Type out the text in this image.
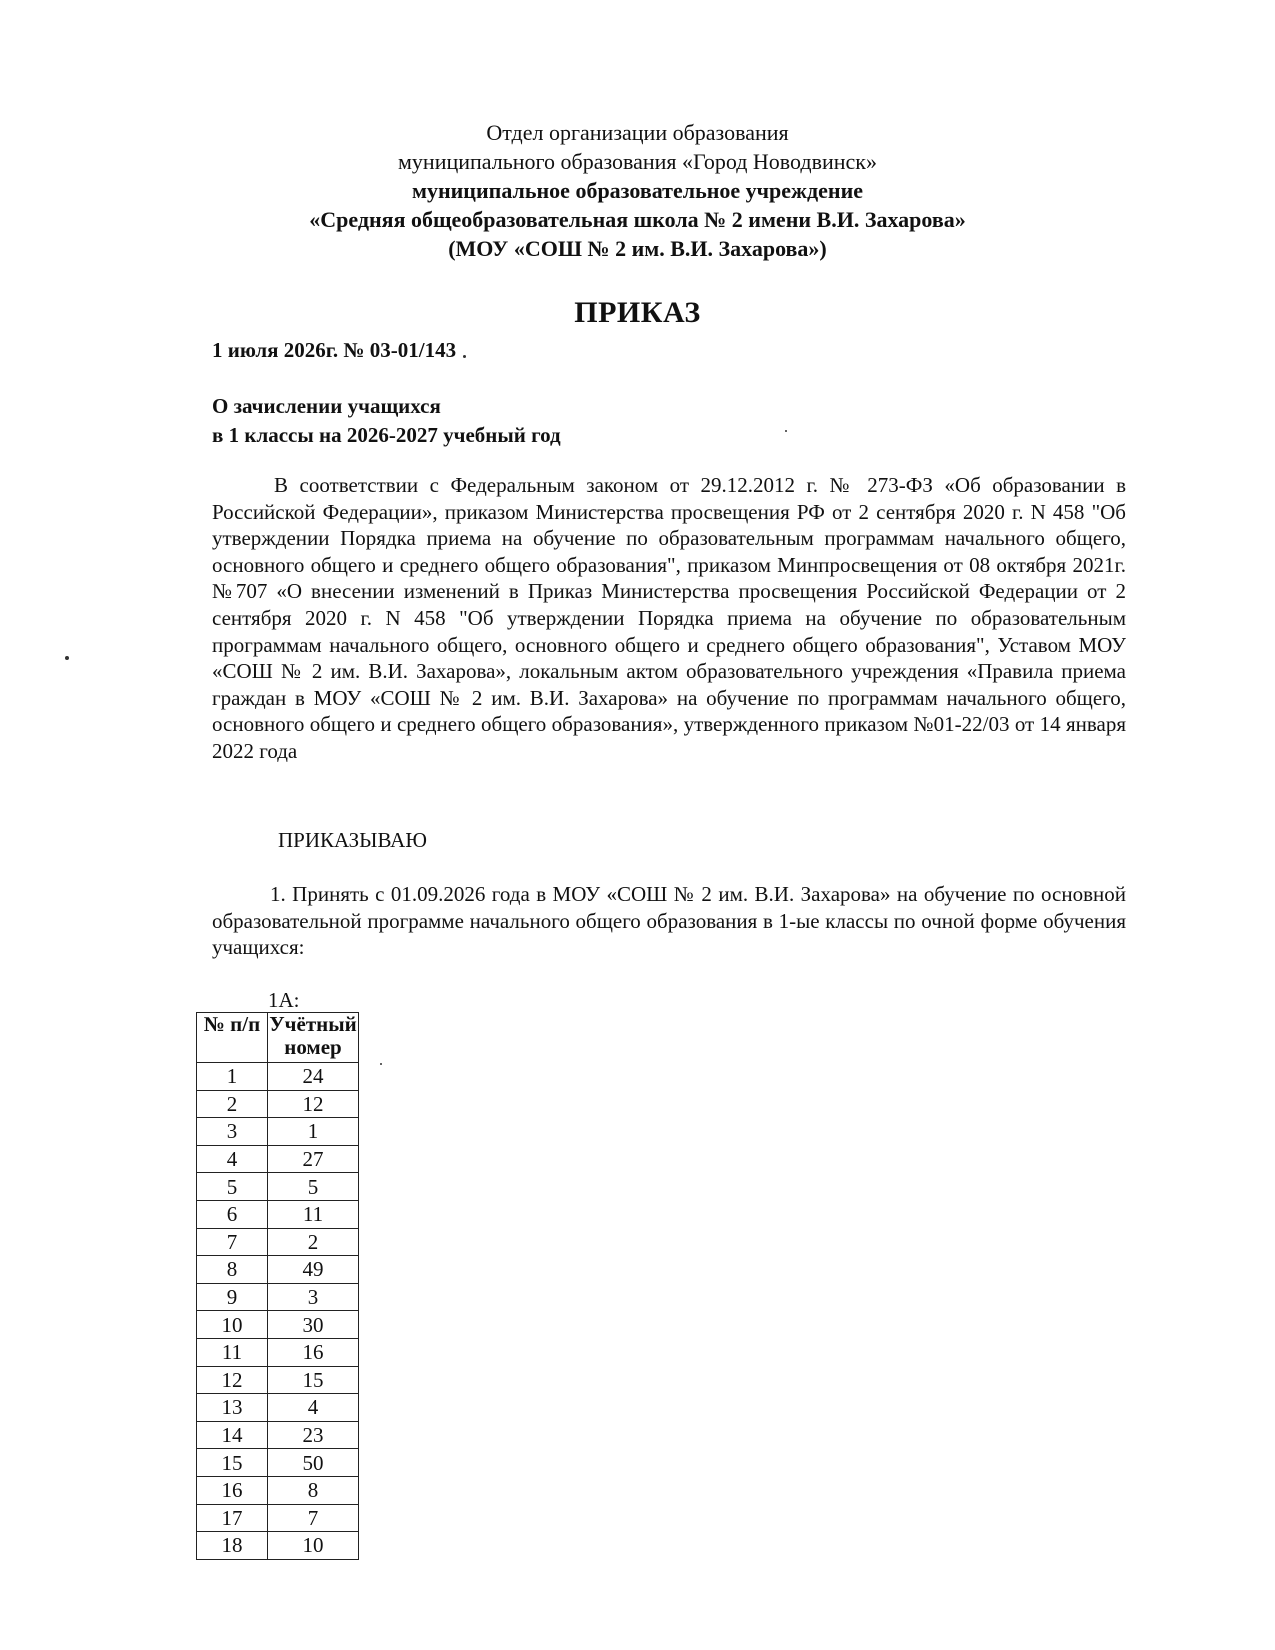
Отдел организации образования
муниципального образования «Город Новодвинск»
муниципальное образовательное учреждение
«Средняя общеобразовательная школа № 2 имени В.И. Захарова»
(МОУ «СОШ № 2 им. В.И. Захарова»)
ПРИКАЗ
1 июля 2026г. № 03-01/143
О зачислении учащихся
в 1 классы на 2026-2027 учебный год
В соответствии с Федеральным законом от 29.12.2012 г. № 273-ФЗ «Об образовании в Российской Федерации», приказом Министерства просвещения РФ от 2 сентября 2020 г. N 458 "Об утверждении Порядка приема на обучение по образовательным программам начального общего, основного общего и среднего общего образования", приказом Минпросвещения от 08 октября 2021г. №707 «О внесении изменений в Приказ Министерства просвещения Российской Федерации от 2 сентября 2020 г. N 458 "Об утверждении Порядка приема на обучение по образовательным программам начального общего, основного общего и среднего общего образования", Уставом МОУ «СОШ № 2 им. В.И. Захарова», локальным актом образовательного учреждения «Правила приема граждан в МОУ «СОШ № 2 им. В.И. Захарова» на обучение по программам начального общего, основного общего и среднего общего образования», утвержденного приказом №01-22/03 от 14 января 2022 года
ПРИКАЗЫВАЮ
1. Принять с 01.09.2026 года в МОУ «СОШ № 2 им. В.И. Захарова» на обучение по основной образовательной программе начального общего образования в 1-ые классы по очной форме обучения учащихся:
1А:
№ п/п	Учётный номер
1	24
2	12
3	1
4	27
5	5
6	11
7	2
8	49
9	3
10	30
11	16
12	15
13	4
14	23
15	50
16	8
17	7
18	10
